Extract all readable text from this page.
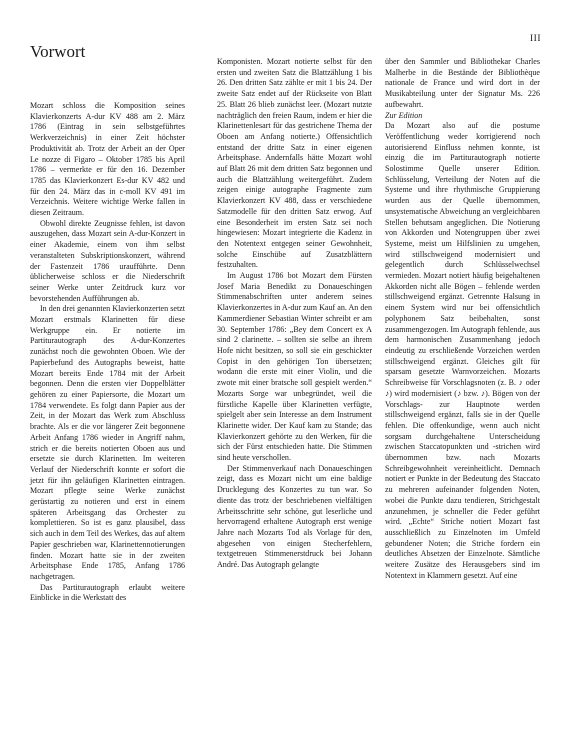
III
Vorwort

Mozart schloss die Komposition seines Klavierkonzerts A-dur KV 488 am 2. März 1786 (Eintrag in sein selbstgeführtes Werkverzeichnis) in einer Zeit höchster Produktivität ab. Trotz der Arbeit an der Oper Le nozze di Figaro – Oktober 1785 bis April 1786 – vermerkte er für den 16. Dezember 1785 das Klavierkonzert Es-dur KV 482 und für den 24. März das in c-moll KV 491 im Verzeichnis. Weitere wichtige Werke fallen in diesen Zeitraum.

Obwohl direkte Zeugnisse fehlen, ist davon auszugehen, dass Mozart sein A-dur-Konzert in einer Akademie, einem von ihm selbst veranstalteten Subskriptionskonzert, während der Fastenzeit 1786 uraufführte. Denn üblicherweise schloss er die Niederschrift seiner Werke unter Zeitdruck kurz vor bevorstehenden Aufführungen ab.

In den drei genannten Klavierkonzerten setzt Mozart erstmals Klarinetten für diese Werkgruppe ein. Er notierte im Partiturautograph des A-dur-Konzertes zunächst noch die gewohnten Oboen. Wie der Papierbefund des Autographs beweist, hatte Mozart bereits Ende 1784 mit der Arbeit begonnen. Denn die ersten vier Doppelblätter gehören zu einer Papiersorte, die Mozart um 1784 verwendete. Es folgt dann Papier aus der Zeit, in der Mozart das Werk zum Abschluss brachte. Als er die vor längerer Zeit begonnene Arbeit Anfang 1786 wieder in Angriff nahm, strich er die bereits notierten Oboen aus und ersetzte sie durch Klarinetten. Im weiteren Verlauf der Niederschrift konnte er sofort die jetzt für ihn geläufigen Klarinetten eintragen. Mozart pflegte seine Werke zunächst gerüstartig zu notieren und erst in einem späteren Arbeitsgang das Orchester zu komplettieren. So ist es ganz plausibel, dass sich auch in dem Teil des Werkes, das auf altem Papier geschrieben war, Klarinettennotierungen finden. Mozart hatte sie in der zweiten Arbeitsphase Ende 1785, Anfang 1786 nachgetragen.

Das Partiturautograph erlaubt weitere Einblicke in die Werkstatt des

Komponisten. Mozart notierte selbst für den ersten und zweiten Satz die Blattzählung 1 bis 26. Den dritten Satz zählte er mit 1 bis 24. Der zweite Satz endet auf der Rückseite von Blatt 25. Blatt 26 blieb zunächst leer. (Mozart nutzte nachträglich den freien Raum, indem er hier die Klarinettenlesart für das gestrichene Thema der Oboen am Anfang notierte.) Offensichtlich entstand der dritte Satz in einer eigenen Arbeitsphase. Andernfalls hätte Mozart wohl auf Blatt 26 mit dem dritten Satz begonnen und auch die Blattzählung weitergeführt. Zudem zeigen einige autographe Fragmente zum Klavierkonzert KV 488, dass er verschiedene Satzmodelle für den dritten Satz erwog. Auf eine Besonderheit im ersten Satz sei noch hingewiesen: Mozart integrierte die Kadenz in den Notentext entgegen seiner Gewohnheit, solche Einschübe auf Zusatzblättern festzuhalten.

Im August 1786 bot Mozart dem Fürsten Josef Maria Benedikt zu Donaueschingen Stimmenabschriften unter anderem seines Klavierkonzertes in A-dur zum Kauf an. An den Kammerdiener Sebastian Winter schreibt er am 30. September 1786: „Bey dem Concert ex A sind 2 clarinette. – sollten sie selbe an ihrem Hofe nicht besitzen, so soll sie ein geschickter Copist in den gehörigen Ton übersetzen; wodann die erste mit einer Violin, und die zwote mit einer bratsche soll gespielt werden.“ Mozarts Sorge war unbegründet, weil die fürstliche Kapelle über Klarinetten verfügte, spielgelt aber sein Interesse an dem Instrument Klarinette wider. Der Kauf kam zu Stande; das Klavierkonzert gehörte zu den Werken, für die sich der Fürst entschieden hatte. Die Stimmen sind heute verschollen.

Der Stimmenverkauf nach Donaueschingen zeigt, dass es Mozart nicht um eine baldige Drucklegung des Konzertes zu tun war. So diente das trotz der beschriebenen vielfältigen Arbeitsschritte sehr schöne, gut leserliche und hervorragend erhaltene Autograph erst wenige Jahre nach Mozarts Tod als Vorlage für den, abgesehen von einigen Stecherfehlern, textgetreuen Stimmenerstdruck bei Johann André. Das Autograph gelangte

über den Sammler und Bibliothekar Charles Malherbe in die Bestände der Bibliothèque nationale de France und wird dort in der Musikabteilung unter der Signatur Ms. 226 aufbewahrt.

Zur Edition

Da Mozart also auf die postume Veröffentlichung weder korrigierend noch autorisierend Einfluss nehmen konnte, ist einzig die im Partiturautograph notierte Solostimme Quelle unserer Edition. Schlüsselung, Verteilung der Noten auf die Systeme und ihre rhythmische Gruppierung wurden aus der Quelle übernommen, unsystematische Abweichung an vergleichbaren Stellen behutsam angeglichen. Die Notierung von Akkorden und Notengruppen über zwei Systeme, meist um Hilfslinien zu umgehen, wird stillschweigend modernisiert und gelegentlich durch Schlüsselwechsel vermieden. Mozart notiert häufig beigehaltenen Akkorden nicht alle Bögen – fehlende werden stillschweigend ergänzt. Getrennte Halsung in einem System wird nur bei offensichtlich polyphonem Satz beibehalten, sonst zusammengezogen. Im Autograph fehlende, aus dem harmonischen Zusammenhang jedoch eindeutig zu erschließende Vorzeichen werden stillschweigend ergänzt. Gleiches gilt für sparsam gesetzte Warnvorzeichen. Mozarts Schreibweise für Vorschlagsnoten (z. B. ♪ oder ♪) wird modernisiert (♪ bzw. ♪). Bögen von der Vorschlags- zur Hauptnote werden stillschweigend ergänzt, falls sie in der Quelle fehlen. Die offenkundige, wenn auch nicht sorgsam durchgehaltene Unterscheidung zwischen Staccatopunkten und -strichen wird übernommen bzw. nach Mozarts Schreibgewohnheit vereinheitlicht. Demnach notiert er Punkte in der Bedeutung des Staccato zu mehreren aufeinander folgenden Noten, wobei die Punkte dazu tendieren, Strichgestalt anzunehmen, je schneller die Feder geführt wird. „Echte“ Striche notiert Mozart fast ausschließlich zu Einzelnoten im Umfeld gebundener Noten; die Striche fordern ein deutliches Absetzen der Einzelnote. Sämtliche weitere Zusätze des Herausgebers sind im Notentext in Klammern gesetzt. Auf eine
